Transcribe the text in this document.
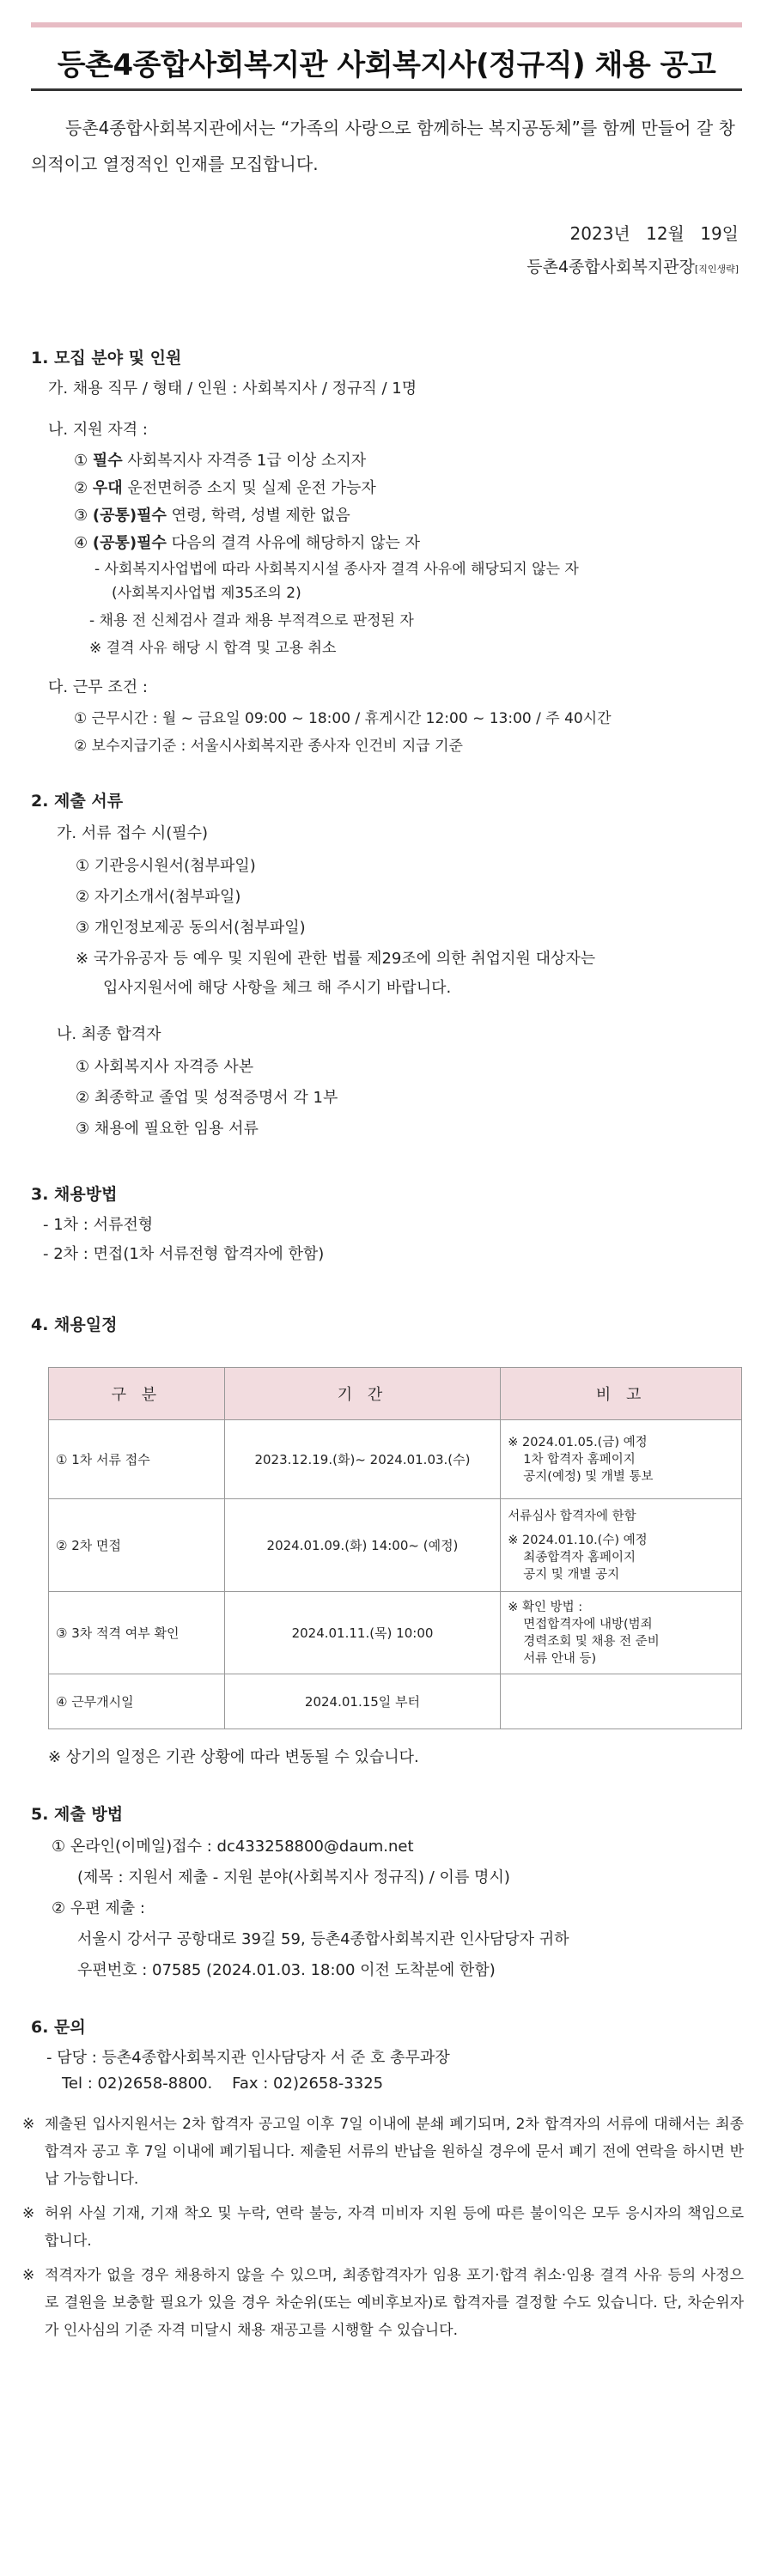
등촌4종합사회복지관 사회복지사(정규직) 채용 공고
등촌4종합사회복지관에서는 “가족의 사랑으로 함께하는 복지공동체”를 함께 만들어 갈 창의적이고 열정적인 인재를 모집합니다.
2023년 12월 19일
등촌4종합사회복지관장[직인생략]
1. 모집 분야 및 인원
가. 채용 직무 / 형태 / 인원 : 사회복지사 / 정규직 / 1명
나. 지원 자격 :
① 필수 사회복지사 자격증 1급 이상 소지자
② 우대 운전면허증 소지 및 실제 운전 가능자
③ (공통)필수 연령, 학력, 성별 제한 없음
④ (공통)필수 다음의 결격 사유에 해당하지 않는 자
- 사회복지사업법에 따라 사회복지시설 종사자 결격 사유에 해당되지 않는 자
(사회복지사업법 제35조의 2)
- 채용 전 신체검사 결과 채용 부적격으로 판정된 자
※ 결격 사유 해당 시 합격 및 고용 취소
다. 근무 조건 :
① 근무시간 : 월 ~ 금요일 09:00 ~ 18:00 / 휴게시간 12:00 ~ 13:00 / 주 40시간
② 보수지급기준 : 서울시사회복지관 종사자 인건비 지급 기준
2. 제출 서류
가. 서류 접수 시(필수)
① 기관응시원서(첨부파일)
② 자기소개서(첨부파일)
③ 개인정보제공 동의서(첨부파일)
※ 국가유공자 등 예우 및 지원에 관한 법률 제29조에 의한 취업지원 대상자는
입사지원서에 해당 사항을 체크 해 주시기 바랍니다.
나. 최종 합격자
① 사회복지사 자격증 사본
② 최종학교 졸업 및 성적증명서 각 1부
③ 채용에 필요한 임용 서류
3. 채용방법
- 1차 : 서류전형
- 2차 : 면접(1차 서류전형 합격자에 한함)
4. 채용일정
구 분	기 간	비 고
① 1차 서류 접수	2023.12.19.(화)~ 2024.01.03.(수)	※ 2024.01.05.(금) 예정
1차 합격자 홈페이지
공지(예정) 및 개별 통보

② 2차 면접	2024.01.09.(화) 14:00~ (예정)	서류심사 합격자에 한함
※ 2024.01.10.(수) 예정
최종합격자 홈페이지
공지 및 개별 공지

③ 3차 적격 여부 확인	2024.01.11.(목) 10:00	※ 확인 방법 :
면접합격자에 내방(범죄
경력조회 및 채용 전 준비
서류 안내 등)

④ 근무개시일	2024.01.15일 부터	
※ 상기의 일정은 기관 상황에 따라 변동될 수 있습니다.
5. 제출 방법
① 온라인(이메일)접수 : dc433258800@daum.net
(제목 : 지원서 제출 - 지원 분야(사회복지사 정규직) / 이름 명시)
② 우편 제출 :
서울시 강서구 공항대로 39길 59, 등촌4종합사회복지관 인사담당자 귀하
우편번호 : 07585 (2024.01.03. 18:00 이전 도착분에 한함)
6. 문의
- 담당 : 등촌4종합사회복지관 인사담당자 서 준 호 총무과장
Tel : 02)2658-8800.    Fax : 02)2658-3325
※ 제출된 입사지원서는 2차 합격자 공고일 이후 7일 이내에 분쇄 폐기되며, 2차 합격자의 서류에 대해서는 최종합격자 공고 후 7일 이내에 폐기됩니다. 제출된 서류의 반납을 원하실 경우에 문서 폐기 전에 연락을 하시면 반납 가능합니다.
※ 허위 사실 기재, 기재 착오 및 누락, 연락 불능, 자격 미비자 지원 등에 따른 불이익은 모두 응시자의 책임으로 합니다.
※ 적격자가 없을 경우 채용하지 않을 수 있으며, 최종합격자가 임용 포기·합격 취소·임용 결격 사유 등의 사정으로 결원을 보충할 필요가 있을 경우 차순위(또는 예비후보자)로 합격자를 결정할 수도 있습니다. 단, 차순위자가 인사심의 기준 자격 미달시 채용 재공고를 시행할 수 있습니다.
